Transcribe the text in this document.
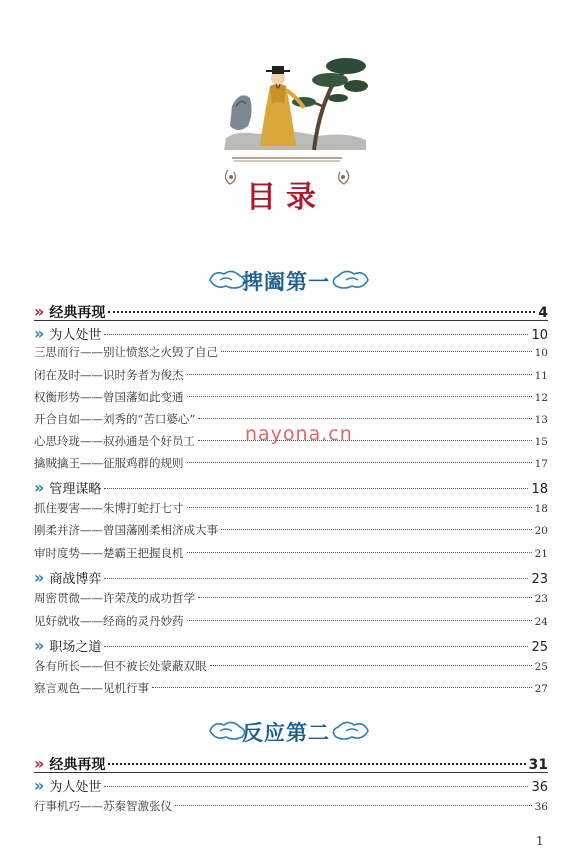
目录
捭阖第一
» 经典再现	4
» 为人处世	10
三思而行——别让愤怒之火毁了自己	10
闭在及时——识时务者为俊杰	11
权衡形势——曾国藩如此变通	12
开合自如——刘秀的“苦口婆心”	13
心思玲珑——叔孙通是个好员工	15
擒贼擒王——征服鸡群的规则	17
» 管理谋略	18
抓住要害——朱博打蛇打七寸	18
刚柔并济——曾国藩刚柔相济成大事	20
审时度势——楚霸王把握良机	21
» 商战博弈	23
周密贯微——许荣茂的成功哲学	23
见好就收——经商的灵丹妙药	24
» 职场之道	25
各有所长——但不被长处蒙蔽双眼	25
察言观色——见机行事	27
反应第二
» 经典再现	31
» 为人处世	36
行事机巧——苏秦智激张仪	36
nayona.cn
1
